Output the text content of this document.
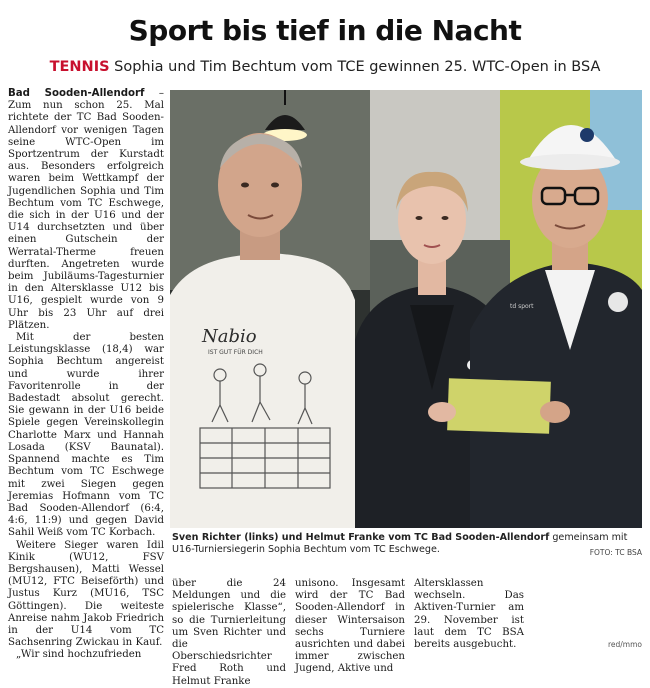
Sport bis tief in die Nacht
TENNIS Sophia und Tim Bechtum vom TCE gewinnen 25. WTC-Open in BSA

Bad Sooden-Allendorf – Zum nun schon 25. Mal richtete der TC Bad Sooden-Allendorf vor wenigen Tagen seine WTC-Open im Sportzentrum der Kurstadt aus. Besonders erfolgreich waren beim Wettkampf der Jugendlichen Sophia und Tim Bechtum vom TC Eschwege, die sich in der U16 und der U14 durchsetzten und über einen Gutschein der Werratal-Therme freuen durften. Angetreten wurde beim Jubiläums-Tagesturnier in den Altersklasse U12 bis U16, gespielt wurde von 9 Uhr bis 23 Uhr auf drei Plätzen.

Mit der besten Leistungsklasse (18,4) war Sophia Bechtum angereist und wurde ihrer Favoritenrolle in der Badestadt absolut gerecht. Sie gewann in der U16 beide Spiele gegen Vereinskollegin Charlotte Marx und Hannah Losada (KSV Baunatal). Spannend machte es Tim Bechtum vom TC Eschwege mit zwei Siegen gegen Jeremias Hofmann vom TC Bad Sooden-Allendorf (6:4, 4:6, 11:9) und gegen David Sahil Weiß vom TC Korbach.

Weitere Sieger waren Idil Kinik (WU12, FSV Bergshausen), Matti Wessel (MU12, FTC Beiseförth) und Justus Kurz (MU16, TSC Göttingen). Die weiteste Anreise nahm Jakob Friedrich in der U14 vom TC Sachsenring Zwickau in Kauf.

„Wir sind hochzufrieden

Nabio
IST GUT FÜR DICH
td sport
Sven Richter (links) und Helmut Franke vom TC Bad Sooden-Allendorf gemeinsam mit U16-Turniersiegerin Sophia Bechtum vom TC Eschwege.	FOTO: TC BSA

über die 24 Meldungen und die spielerische Klasse“, so die Turnierleitung um Sven Richter und die Oberschiedsrichter Fred Roth und Helmut Franke

unisono. Insgesamt wird der TC Bad Sooden-Allendorf in dieser Wintersaison sechs Turniere ausrichten und dabei immer zwischen Jugend, Aktive und

Altersklassen wechseln. Das Aktiven-Turnier am 29. November ist laut dem TC BSA bereits ausgebucht.	red/mmo
